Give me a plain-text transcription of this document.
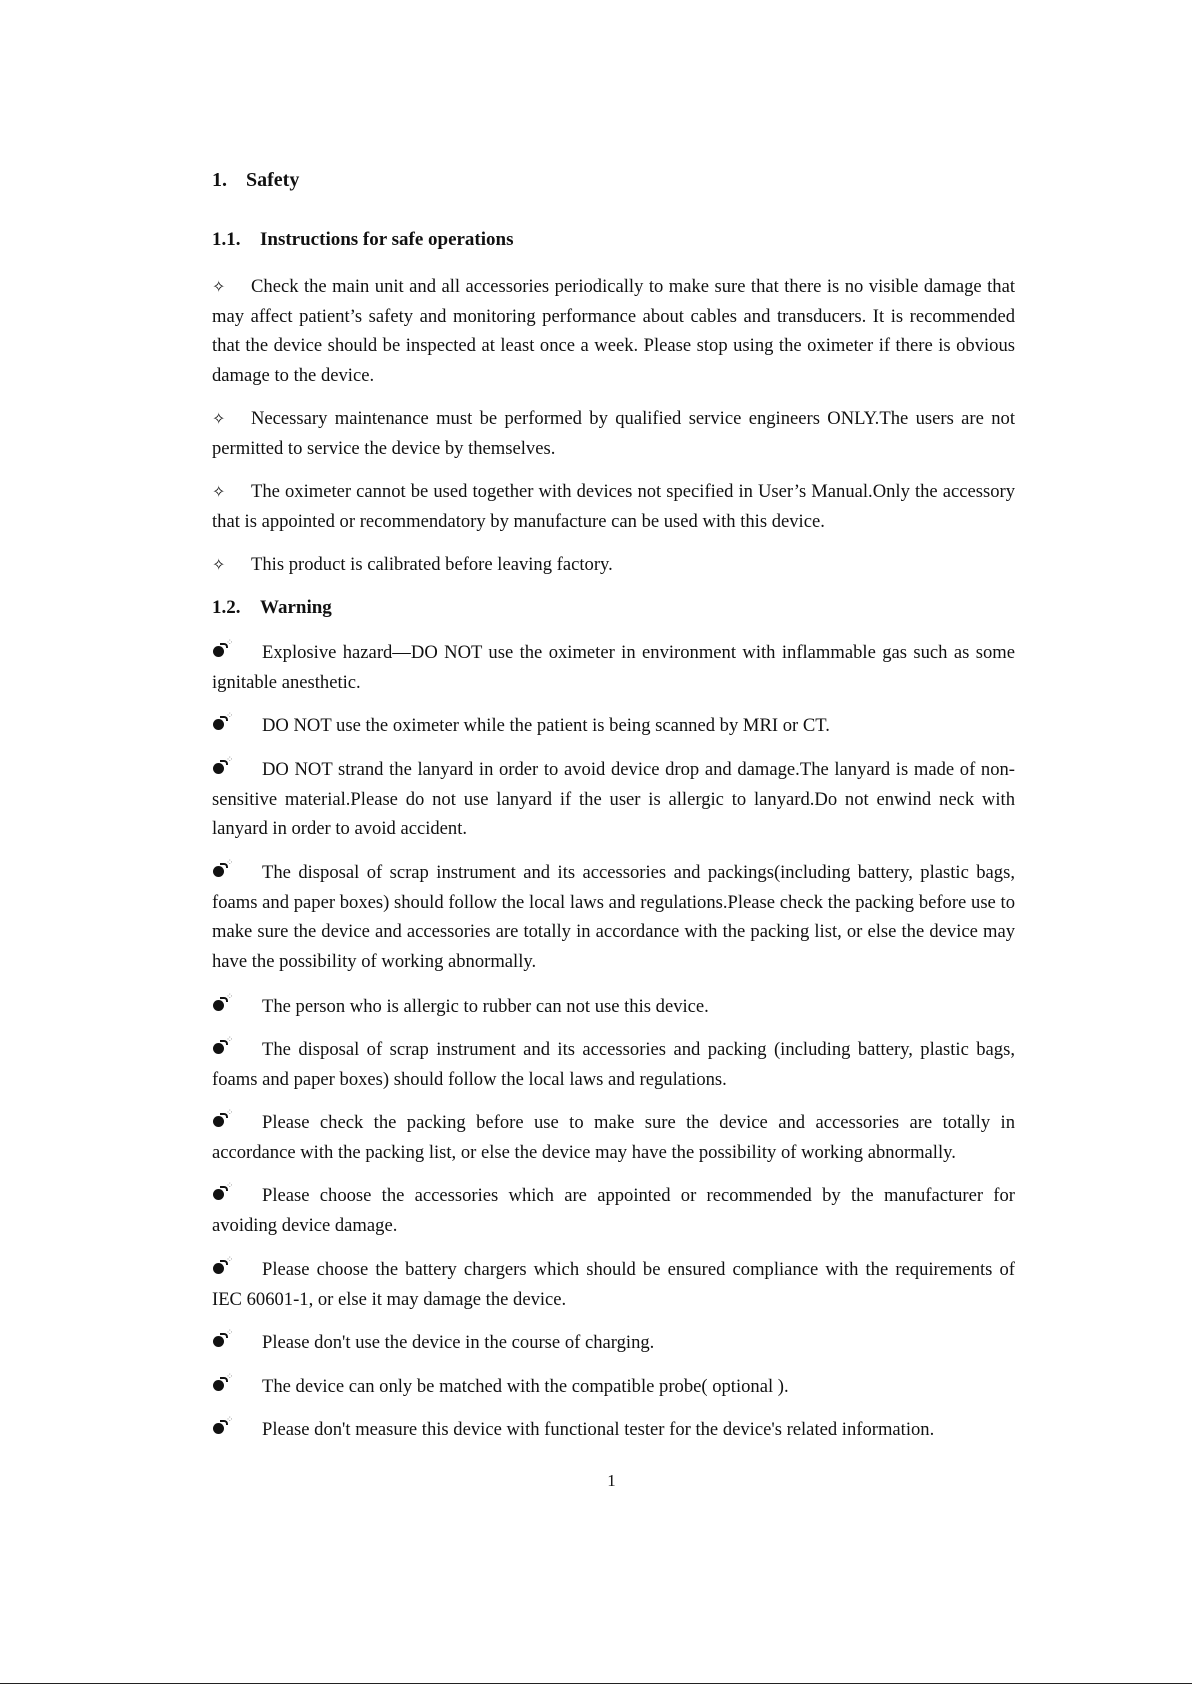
1. Safety
1.1. Instructions for safe operations
✧ Check the main unit and all accessories periodically to make sure that there is no visible damage that may affect patient’s safety and monitoring performance about cables and transducers. It is recommended that the device should be inspected at least once a week. Please stop using the oximeter if there is obvious damage to the device.
✧ Necessary maintenance must be performed by qualified service engineers ONLY.The users are not permitted to service the device by themselves.
✧ The oximeter cannot be used together with devices not specified in User’s Manual.Only the accessory that is appointed or recommendatory by manufacture can be used with this device.
✧ This product is calibrated before leaving factory.
1.2. Warning
⁘ Explosive hazard—DO NOT use the oximeter in environment with inflammable gas such as some ignitable anesthetic.
⁘ DO NOT use the oximeter while the patient is being scanned by MRI or CT.
⁘ DO NOT strand the lanyard in order to avoid device drop and damage.The lanyard is made of non-sensitive material.Please do not use lanyard if the user is allergic to lanyard.Do not enwind neck with lanyard in order to avoid accident.
⁘ The disposal of scrap instrument and its accessories and packings(including battery, plastic bags, foams and paper boxes) should follow the local laws and regulations.Please check the packing before use to make sure the device and accessories are totally in accordance with the packing list, or else the device may have the possibility of working abnormally.
⁘ The person who is allergic to rubber can not use this device.
⁘ The disposal of scrap instrument and its accessories and packing (including battery, plastic bags, foams and paper boxes) should follow the local laws and regulations.
⁘ Please check the packing before use to make sure the device and accessories are totally in accordance with the packing list, or else the device may have the possibility of working abnormally.
⁘ Please choose the accessories which are appointed or recommended by the manufacturer for avoiding device damage.
⁘ Please choose the battery chargers which should be ensured compliance with the requirements of IEC 60601-1, or else it may damage the device.
⁘ Please don't use the device in the course of charging.
⁘ The device can only be matched with the compatible probe( optional ).
⁘ Please don't measure this device with functional tester for the device's related information.
1
